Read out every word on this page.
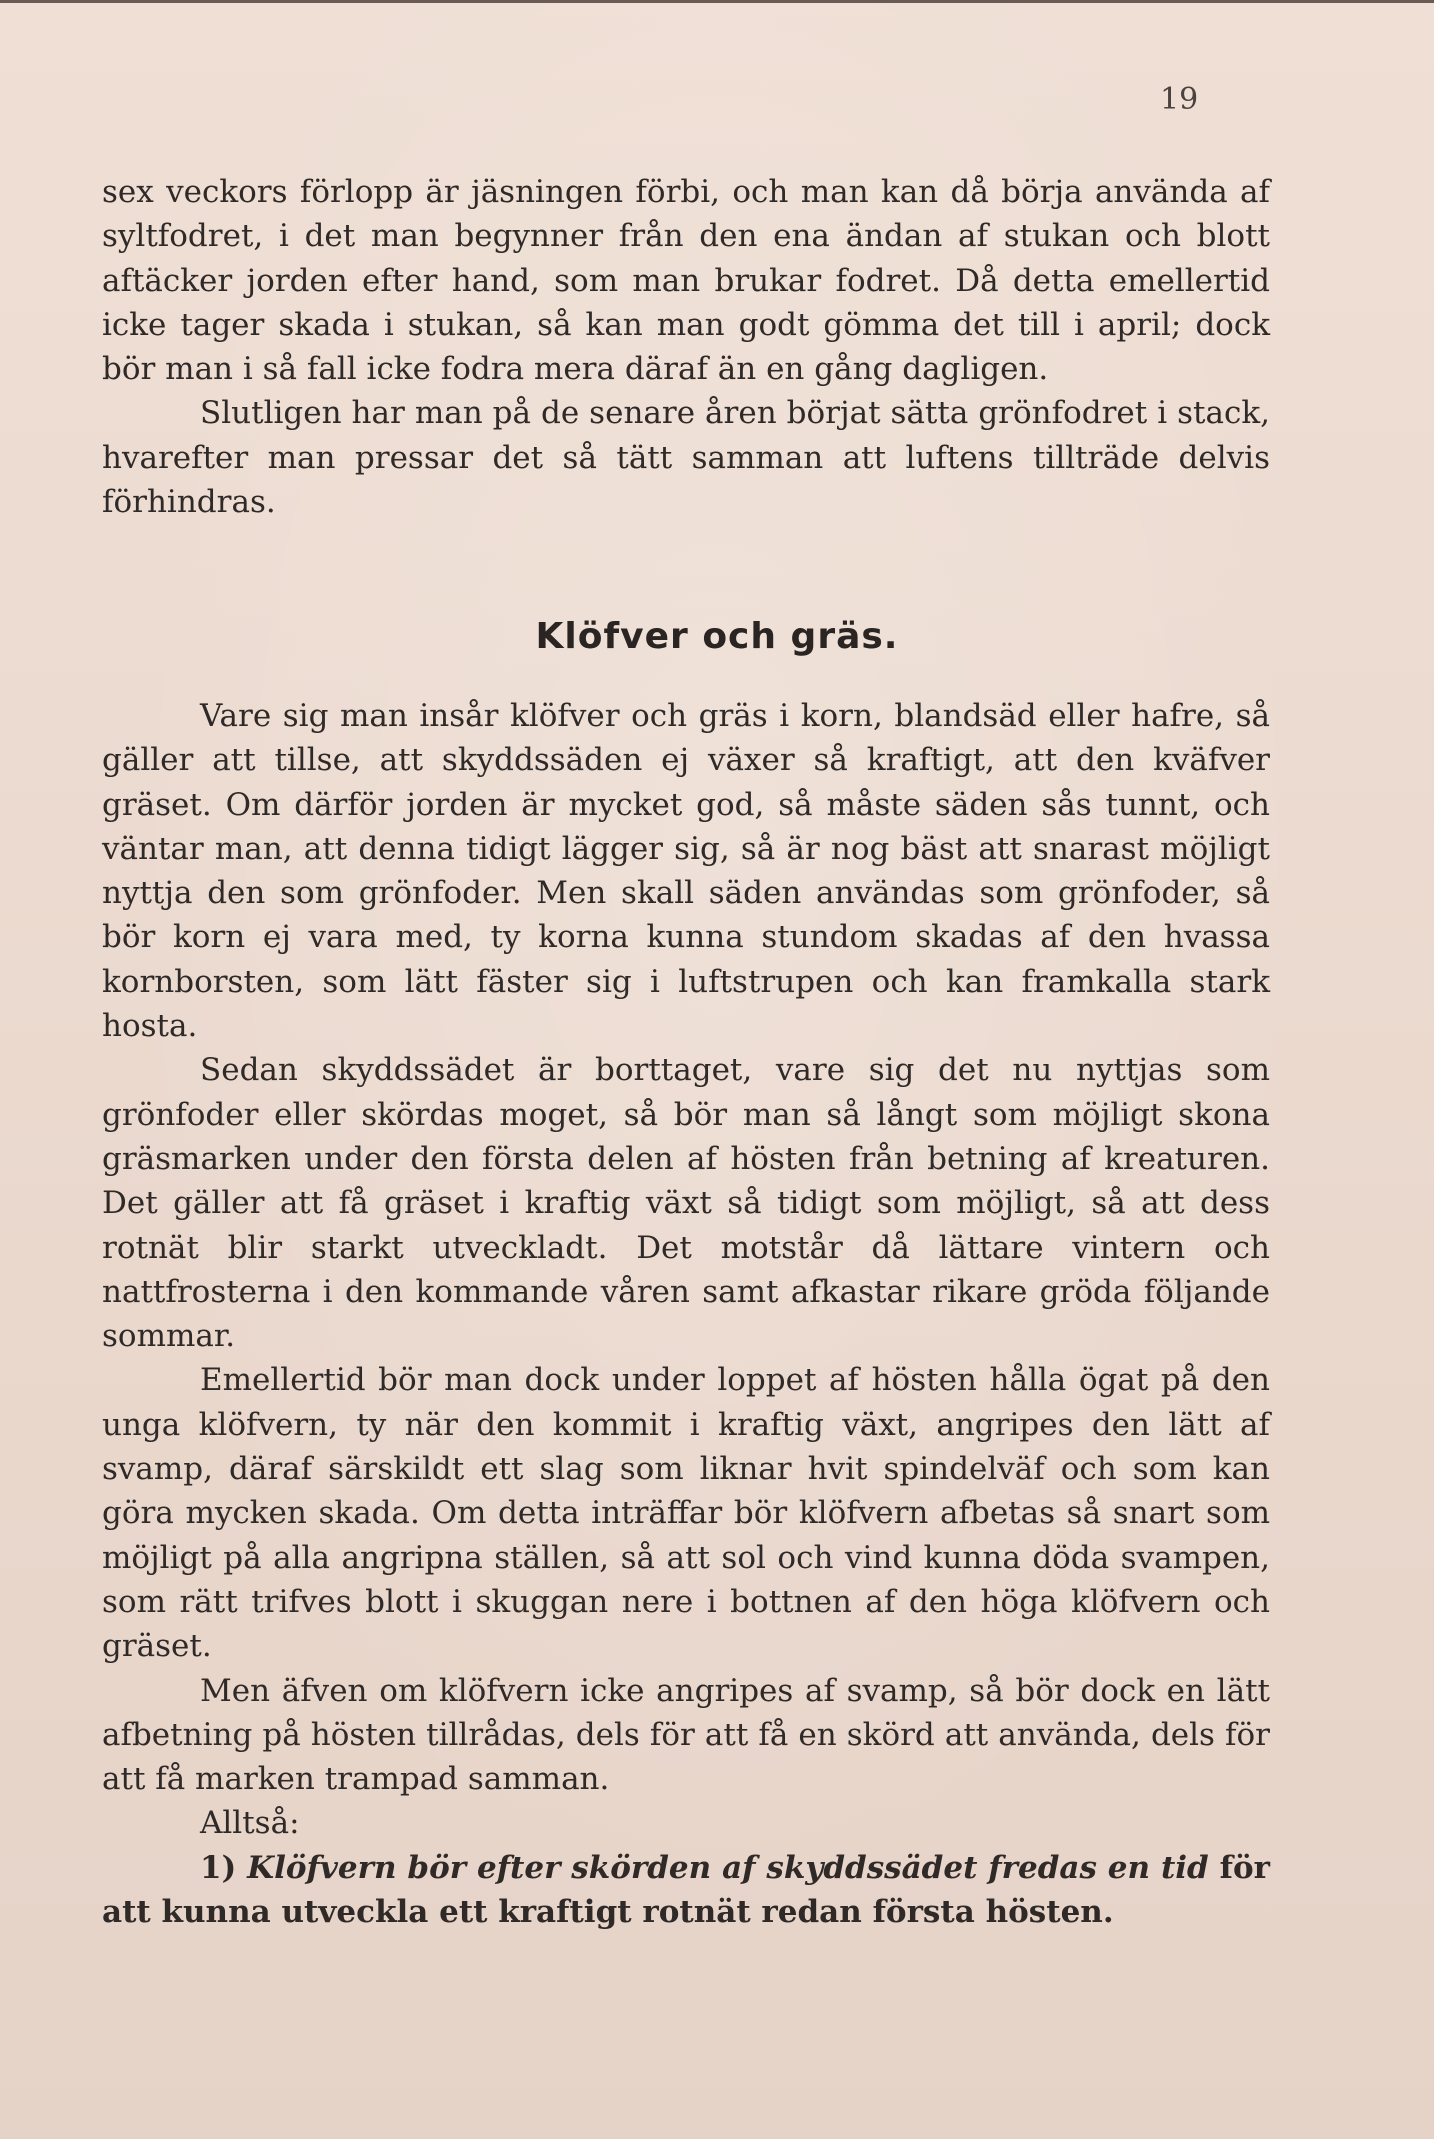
19

sex veckors förlopp är jäsningen förbi, och man kan då börja använda af syltfodret, i det man begynner från den ena ändan af stukan och blott aftäcker jorden efter hand, som man brukar fodret. Då detta emellertid icke tager skada i stukan, så kan man godt gömma det till i april; dock bör man i så fall icke fodra mera däraf än en gång dagligen.

Slutligen har man på de senare åren börjat sätta grönfodret i stack, hvarefter man pressar det så tätt samman att luftens tillträde delvis förhindras.

Klöfver och gräs.

Vare sig man insår klöfver och gräs i korn, blandsäd eller hafre, så gäller att tillse, att skyddssäden ej växer så kraftigt, att den kväfver gräset. Om därför jorden är mycket god, så måste säden sås tunnt, och väntar man, att denna tidigt lägger sig, så är nog bäst att snarast möjligt nyttja den som grönfoder. Men skall säden användas som grönfoder, så bör korn ej vara med, ty korna kunna stundom skadas af den hvassa kornborsten, som lätt fäster sig i luftstrupen och kan framkalla stark hosta.

Sedan skyddssädet är borttaget, vare sig det nu nyttjas som grönfoder eller skördas moget, så bör man så långt som möjligt skona gräsmarken under den första delen af hösten från betning af kreaturen. Det gäller att få gräset i kraftig växt så tidigt som möjligt, så att dess rotnät blir starkt utveckladt. Det motstår då lättare vintern och nattfrosterna i den kommande våren samt afkastar rikare gröda följande sommar.

Emellertid bör man dock under loppet af hösten hålla ögat på den unga klöfvern, ty när den kommit i kraftig växt, angripes den lätt af svamp, däraf särskildt ett slag som liknar hvit spindelväf och som kan göra mycken skada. Om detta inträffar bör klöfvern afbetas så snart som möjligt på alla angripna ställen, så att sol och vind kunna döda svampen, som rätt trifves blott i skuggan nere i bottnen af den höga klöfvern och gräset.

Men äfven om klöfvern icke angripes af svamp, så bör dock en lätt afbetning på hösten tillrådas, dels för att få en skörd att använda, dels för att få marken trampad samman.

Alltså:

1) Klöfvern bör efter skörden af skyddssädet fredas en tid för att kunna utveckla ett kraftigt rotnät redan första hösten.
